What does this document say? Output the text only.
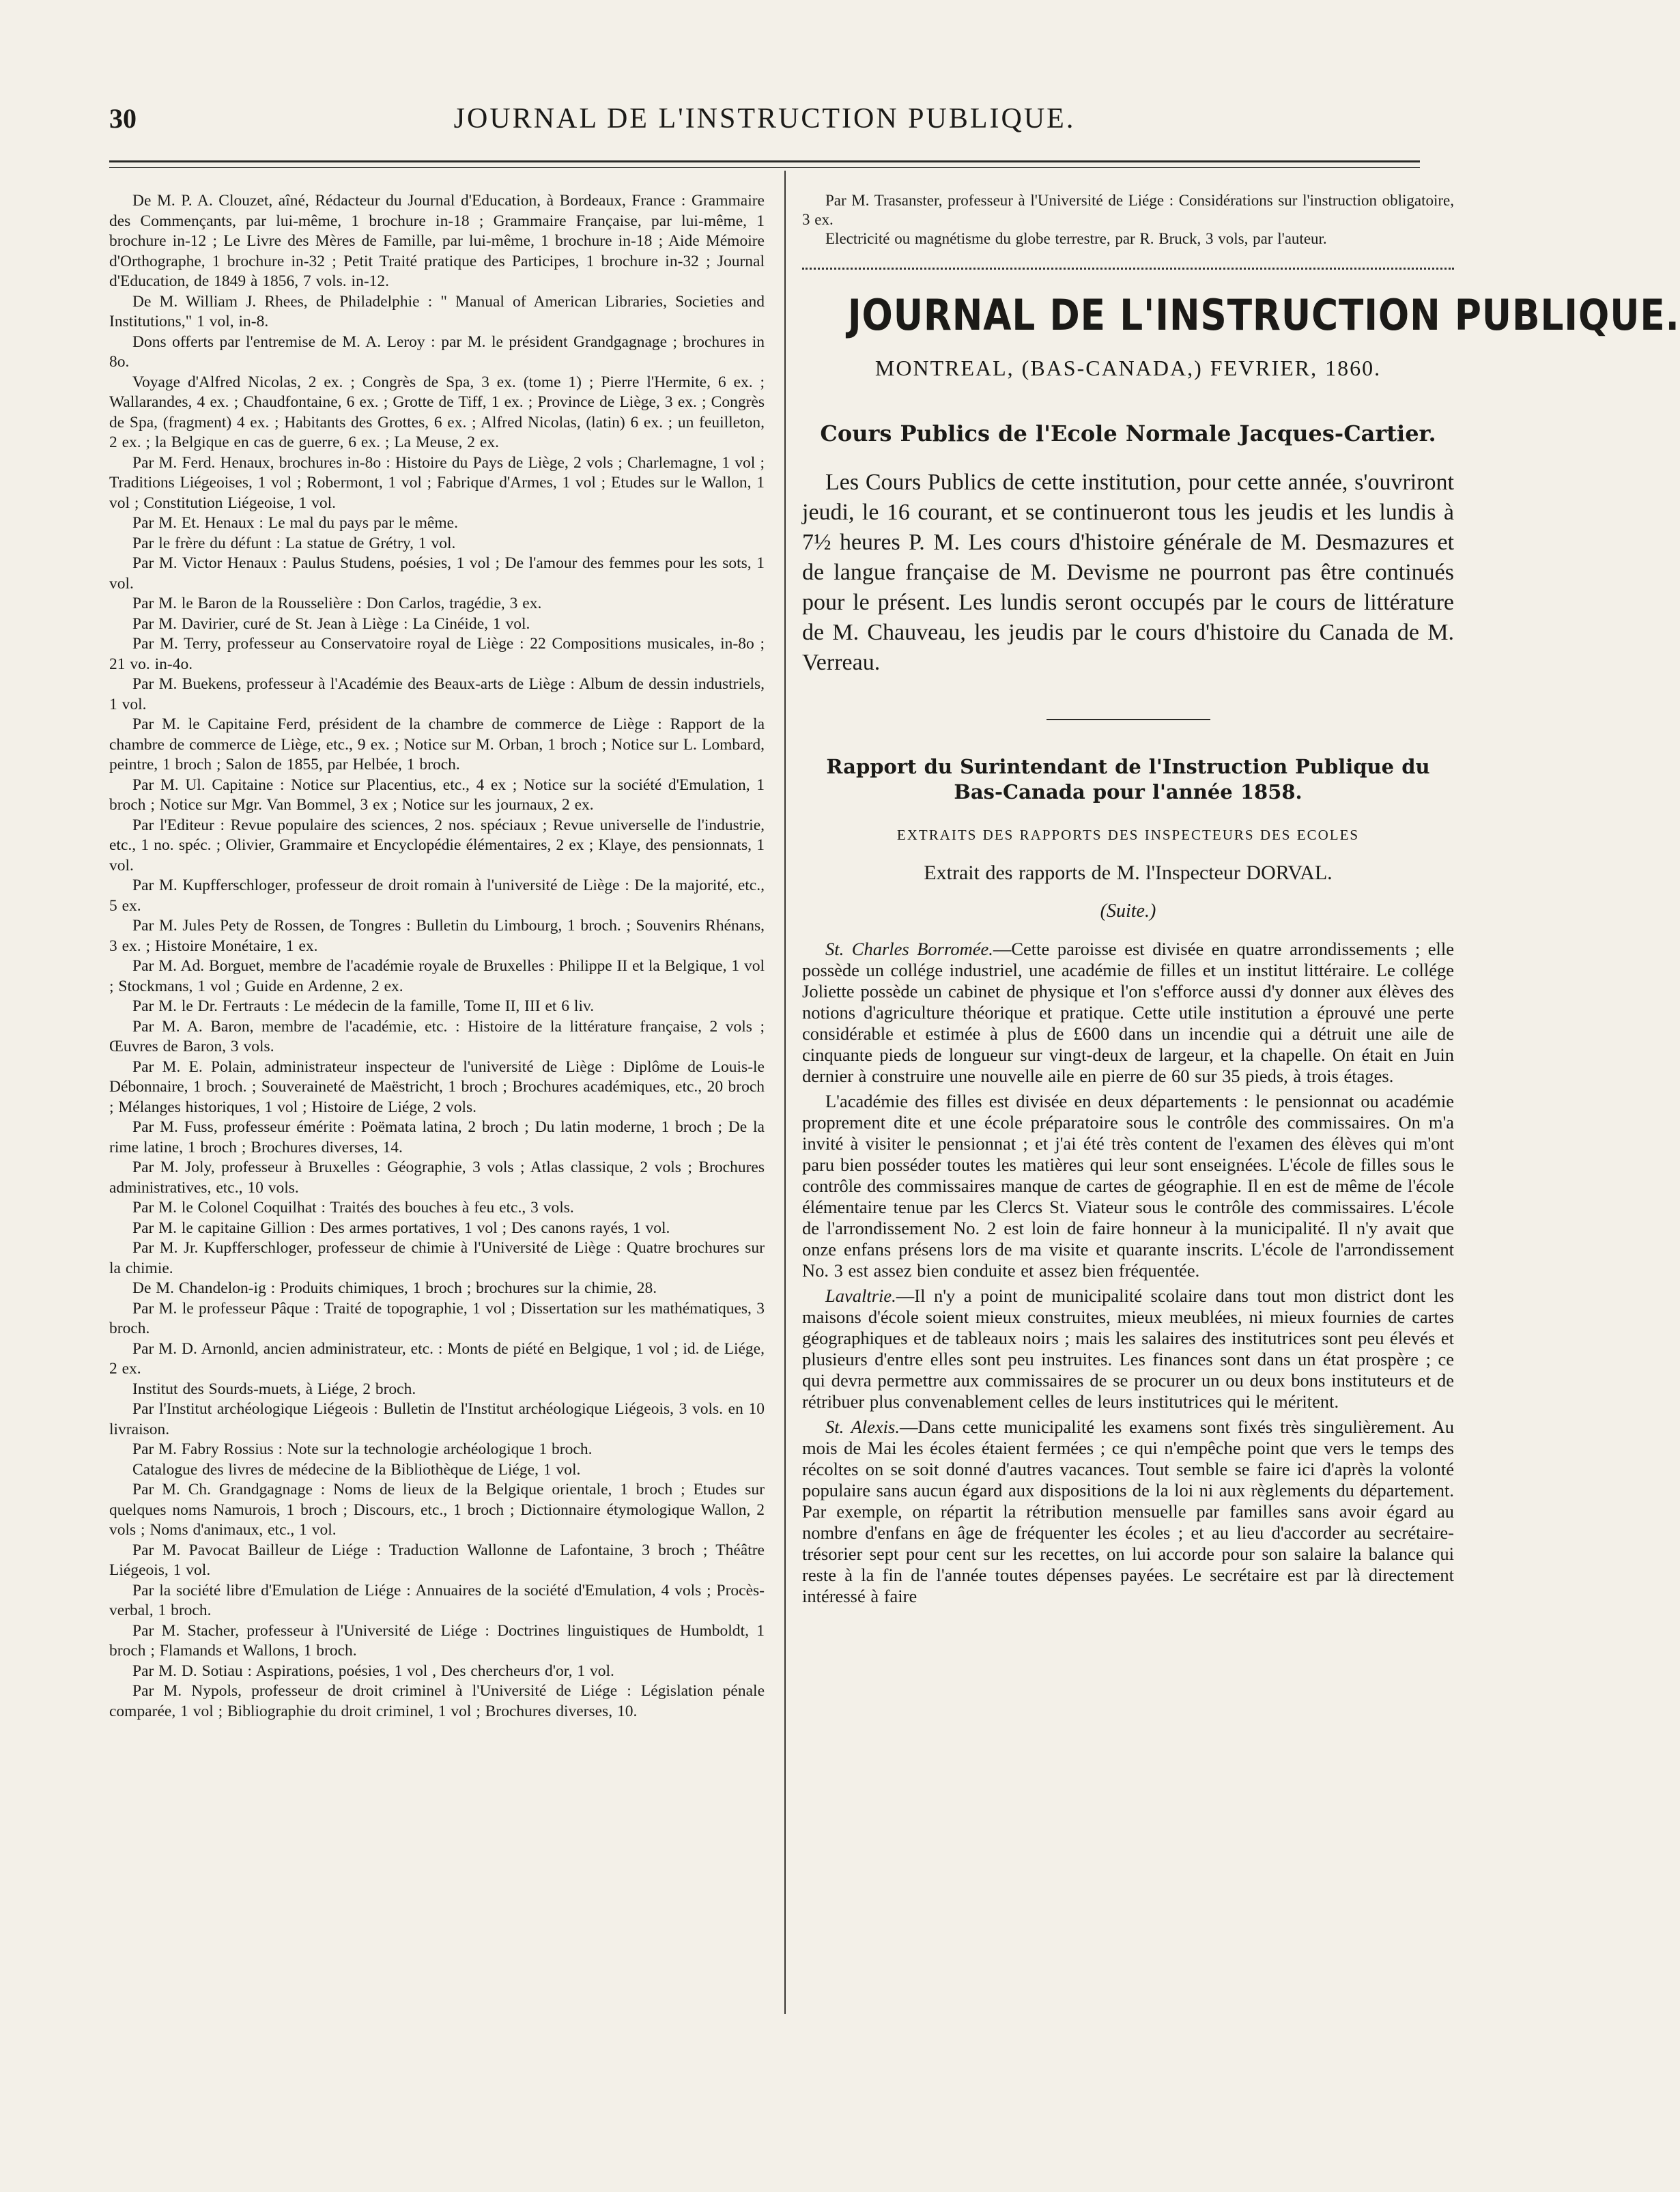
30	JOURNAL DE L'INSTRUCTION PUBLIQUE.

De M. P. A. Clouzet, aîné, Rédacteur du Journal d'Education, à Bordeaux, France : Grammaire des Commençants, par lui-même, 1 brochure in-18 ; Grammaire Française, par lui-même, 1 brochure in-12 ; Le Livre des Mères de Famille, par lui-même, 1 brochure in-18 ; Aide Mémoire d'Orthographe, 1 brochure in-32 ; Petit Traité pratique des Participes, 1 brochure in-32 ; Journal d'Education, de 1849 à 1856, 7 vols. in-12.

De M. William J. Rhees, de Philadelphie : " Manual of American Libraries, Societies and Institutions," 1 vol, in-8.

Dons offerts par l'entremise de M. A. Leroy : par M. le président Grandgagnage ; brochures in 8o.

Voyage d'Alfred Nicolas, 2 ex. ; Congrès de Spa, 3 ex. (tome 1) ; Pierre l'Hermite, 6 ex. ; Wallarandes, 4 ex. ; Chaudfontaine, 6 ex. ; Grotte de Tiff, 1 ex. ; Province de Liège, 3 ex. ; Congrès de Spa, (fragment) 4 ex. ; Habitants des Grottes, 6 ex. ; Alfred Nicolas, (latin) 6 ex. ; un feuilleton, 2 ex. ; la Belgique en cas de guerre, 6 ex. ; La Meuse, 2 ex.

Par M. Ferd. Henaux, brochures in-8o : Histoire du Pays de Liège, 2 vols ; Charlemagne, 1 vol ; Traditions Liégeoises, 1 vol ; Robermont, 1 vol ; Fabrique d'Armes, 1 vol ; Etudes sur le Wallon, 1 vol ; Constitution Liégeoise, 1 vol.

Par M. Et. Henaux : Le mal du pays par le même.

Par le frère du défunt : La statue de Grétry, 1 vol.

Par M. Victor Henaux : Paulus Studens, poésies, 1 vol ; De l'amour des femmes pour les sots, 1 vol.

Par M. le Baron de la Rousselière : Don Carlos, tragédie, 3 ex.

Par M. Davirier, curé de St. Jean à Liège : La Cinéide, 1 vol.

Par M. Terry, professeur au Conservatoire royal de Liège : 22 Compositions musicales, in-8o ; 21 vo. in-4o.

Par M. Buekens, professeur à l'Académie des Beaux-arts de Liège : Album de dessin industriels, 1 vol.

Par M. le Capitaine Ferd, président de la chambre de commerce de Liège : Rapport de la chambre de commerce de Liège, etc., 9 ex. ; Notice sur M. Orban, 1 broch ; Notice sur L. Lombard, peintre, 1 broch ; Salon de 1855, par Helbée, 1 broch.

Par M. Ul. Capitaine : Notice sur Placentius, etc., 4 ex ; Notice sur la société d'Emulation, 1 broch ; Notice sur Mgr. Van Bommel, 3 ex ; Notice sur les journaux, 2 ex.

Par l'Editeur : Revue populaire des sciences, 2 nos. spéciaux ; Revue universelle de l'industrie, etc., 1 no. spéc. ; Olivier, Grammaire et Encyclopédie élémentaires, 2 ex ; Klaye, des pensionnats, 1 vol.

Par M. Kupfferschloger, professeur de droit romain à l'université de Liège : De la majorité, etc., 5 ex.

Par M. Jules Pety de Rossen, de Tongres : Bulletin du Limbourg, 1 broch. ; Souvenirs Rhénans, 3 ex. ; Histoire Monétaire, 1 ex.

Par M. Ad. Borguet, membre de l'académie royale de Bruxelles : Philippe II et la Belgique, 1 vol ; Stockmans, 1 vol ; Guide en Ardenne, 2 ex.

Par M. le Dr. Fertrauts : Le médecin de la famille, Tome II, III et 6 liv.

Par M. A. Baron, membre de l'académie, etc. : Histoire de la littérature française, 2 vols ; Œuvres de Baron, 3 vols.

Par M. E. Polain, administrateur inspecteur de l'université de Liège : Diplôme de Louis-le Débonnaire, 1 broch. ; Souveraineté de Maëstricht, 1 broch ; Brochures académiques, etc., 20 broch ; Mélanges historiques, 1 vol ; Histoire de Liége, 2 vols.

Par M. Fuss, professeur émérite : Poëmata latina, 2 broch ; Du latin moderne, 1 broch ; De la rime latine, 1 broch ; Brochures diverses, 14.

Par M. Joly, professeur à Bruxelles : Géographie, 3 vols ; Atlas classique, 2 vols ; Brochures administratives, etc., 10 vols.

Par M. le Colonel Coquilhat : Traités des bouches à feu etc., 3 vols.

Par M. le capitaine Gillion : Des armes portatives, 1 vol ; Des canons rayés, 1 vol.

Par M. Jr. Kupfferschloger, professeur de chimie à l'Université de Liège : Quatre brochures sur la chimie.

De M. Chandelon-ig : Produits chimiques, 1 broch ; brochures sur la chimie, 28.

Par M. le professeur Pâque : Traité de topographie, 1 vol ; Dissertation sur les mathématiques, 3 broch.

Par M. D. Arnonld, ancien administrateur, etc. : Monts de piété en Belgique, 1 vol ; id. de Liége, 2 ex.

Institut des Sourds-muets, à Liége, 2 broch.

Par l'Institut archéologique Liégeois : Bulletin de l'Institut archéologique Liégeois, 3 vols. en 10 livraison.

Par M. Fabry Rossius : Note sur la technologie archéologique 1 broch.

Catalogue des livres de médecine de la Bibliothèque de Liége, 1 vol.

Par M. Ch. Grandgagnage : Noms de lieux de la Belgique orientale, 1 broch ; Etudes sur quelques noms Namurois, 1 broch ; Discours, etc., 1 broch ; Dictionnaire étymologique Wallon, 2 vols ; Noms d'animaux, etc., 1 vol.

Par M. Pavocat Bailleur de Liége : Traduction Wallonne de Lafontaine, 3 broch ; Théâtre Liégeois, 1 vol.

Par la société libre d'Emulation de Liége : Annuaires de la société d'Emulation, 4 vols ; Procès-verbal, 1 broch.

Par M. Stacher, professeur à l'Université de Liége : Doctrines linguistiques de Humboldt, 1 broch ; Flamands et Wallons, 1 broch.

Par M. D. Sotiau : Aspirations, poésies, 1 vol , Des chercheurs d'or, 1 vol.

Par M. Nypols, professeur de droit criminel à l'Université de Liége : Législation pénale comparée, 1 vol ; Bibliographie du droit criminel, 1 vol ; Brochures diverses, 10.

Par M. Trasanster, professeur à l'Université de Liége : Considérations sur l'instruction obligatoire, 3 ex.

Electricité ou magnétisme du globe terrestre, par R. Bruck, 3 vols, par l'auteur.

JOURNAL DE L'INSTRUCTION PUBLIQUE.
MONTREAL, (BAS-CANADA,) FEVRIER, 1860.
Cours Publics de l'Ecole Normale Jacques-Cartier.

Les Cours Publics de cette institution, pour cette année, s'ouvriront jeudi, le 16 courant, et se continueront tous les jeudis et les lundis à 7½ heures P. M. Les cours d'histoire générale de M. Desmazures et de langue française de M. Devisme ne pourront pas être continués pour le présent. Les lundis seront occupés par le cours de littérature de M. Chauveau, les jeudis par le cours d'histoire du Canada de M. Verreau.

Rapport du Surintendant de l'Instruction Publique du Bas-Canada pour l'année 1858.
EXTRAITS DES RAPPORTS DES INSPECTEURS DES ECOLES
Extrait des rapports de M. l'Inspecteur DORVAL.
(Suite.)

St. Charles Borromée.—Cette paroisse est divisée en quatre arrondissements ; elle possède un collége industriel, une académie de filles et un institut littéraire. Le collége Joliette possède un cabinet de physique et l'on s'efforce aussi d'y donner aux élèves des notions d'agriculture théorique et pratique. Cette utile institution a éprouvé une perte considérable et estimée à plus de £600 dans un incendie qui a détruit une aile de cinquante pieds de longueur sur vingt-deux de largeur, et la chapelle. On était en Juin dernier à construire une nouvelle aile en pierre de 60 sur 35 pieds, à trois étages.

L'académie des filles est divisée en deux départements : le pensionnat ou académie proprement dite et une école préparatoire sous le contrôle des commissaires. On m'a invité à visiter le pensionnat ; et j'ai été très content de l'examen des élèves qui m'ont paru bien posséder toutes les matières qui leur sont enseignées. L'école de filles sous le contrôle des commissaires manque de cartes de géographie. Il en est de même de l'école élémentaire tenue par les Clercs St. Viateur sous le contrôle des commissaires. L'école de l'arrondissement No. 2 est loin de faire honneur à la municipalité. Il n'y avait que onze enfans présens lors de ma visite et quarante inscrits. L'école de l'arrondissement No. 3 est assez bien conduite et assez bien fréquentée.

Lavaltrie.—Il n'y a point de municipalité scolaire dans tout mon district dont les maisons d'école soient mieux construites, mieux meublées, ni mieux fournies de cartes géographiques et de tableaux noirs ; mais les salaires des institutrices sont peu élevés et plusieurs d'entre elles sont peu instruites. Les finances sont dans un état prospère ; ce qui devra permettre aux commissaires de se procurer un ou deux bons instituteurs et de rétribuer plus convenablement celles de leurs institutrices qui le méritent.

St. Alexis.—Dans cette municipalité les examens sont fixés très singulièrement. Au mois de Mai les écoles étaient fermées ; ce qui n'empêche point que vers le temps des récoltes on se soit donné d'autres vacances. Tout semble se faire ici d'après la volonté populaire sans aucun égard aux dispositions de la loi ni aux règlements du département. Par exemple, on répartit la rétribution mensuelle par familles sans avoir égard au nombre d'enfans en âge de fréquenter les écoles ; et au lieu d'accorder au secrétaire-trésorier sept pour cent sur les recettes, on lui accorde pour son salaire la balance qui reste à la fin de l'année toutes dépenses payées. Le secrétaire est par là directement intéressé à faire
